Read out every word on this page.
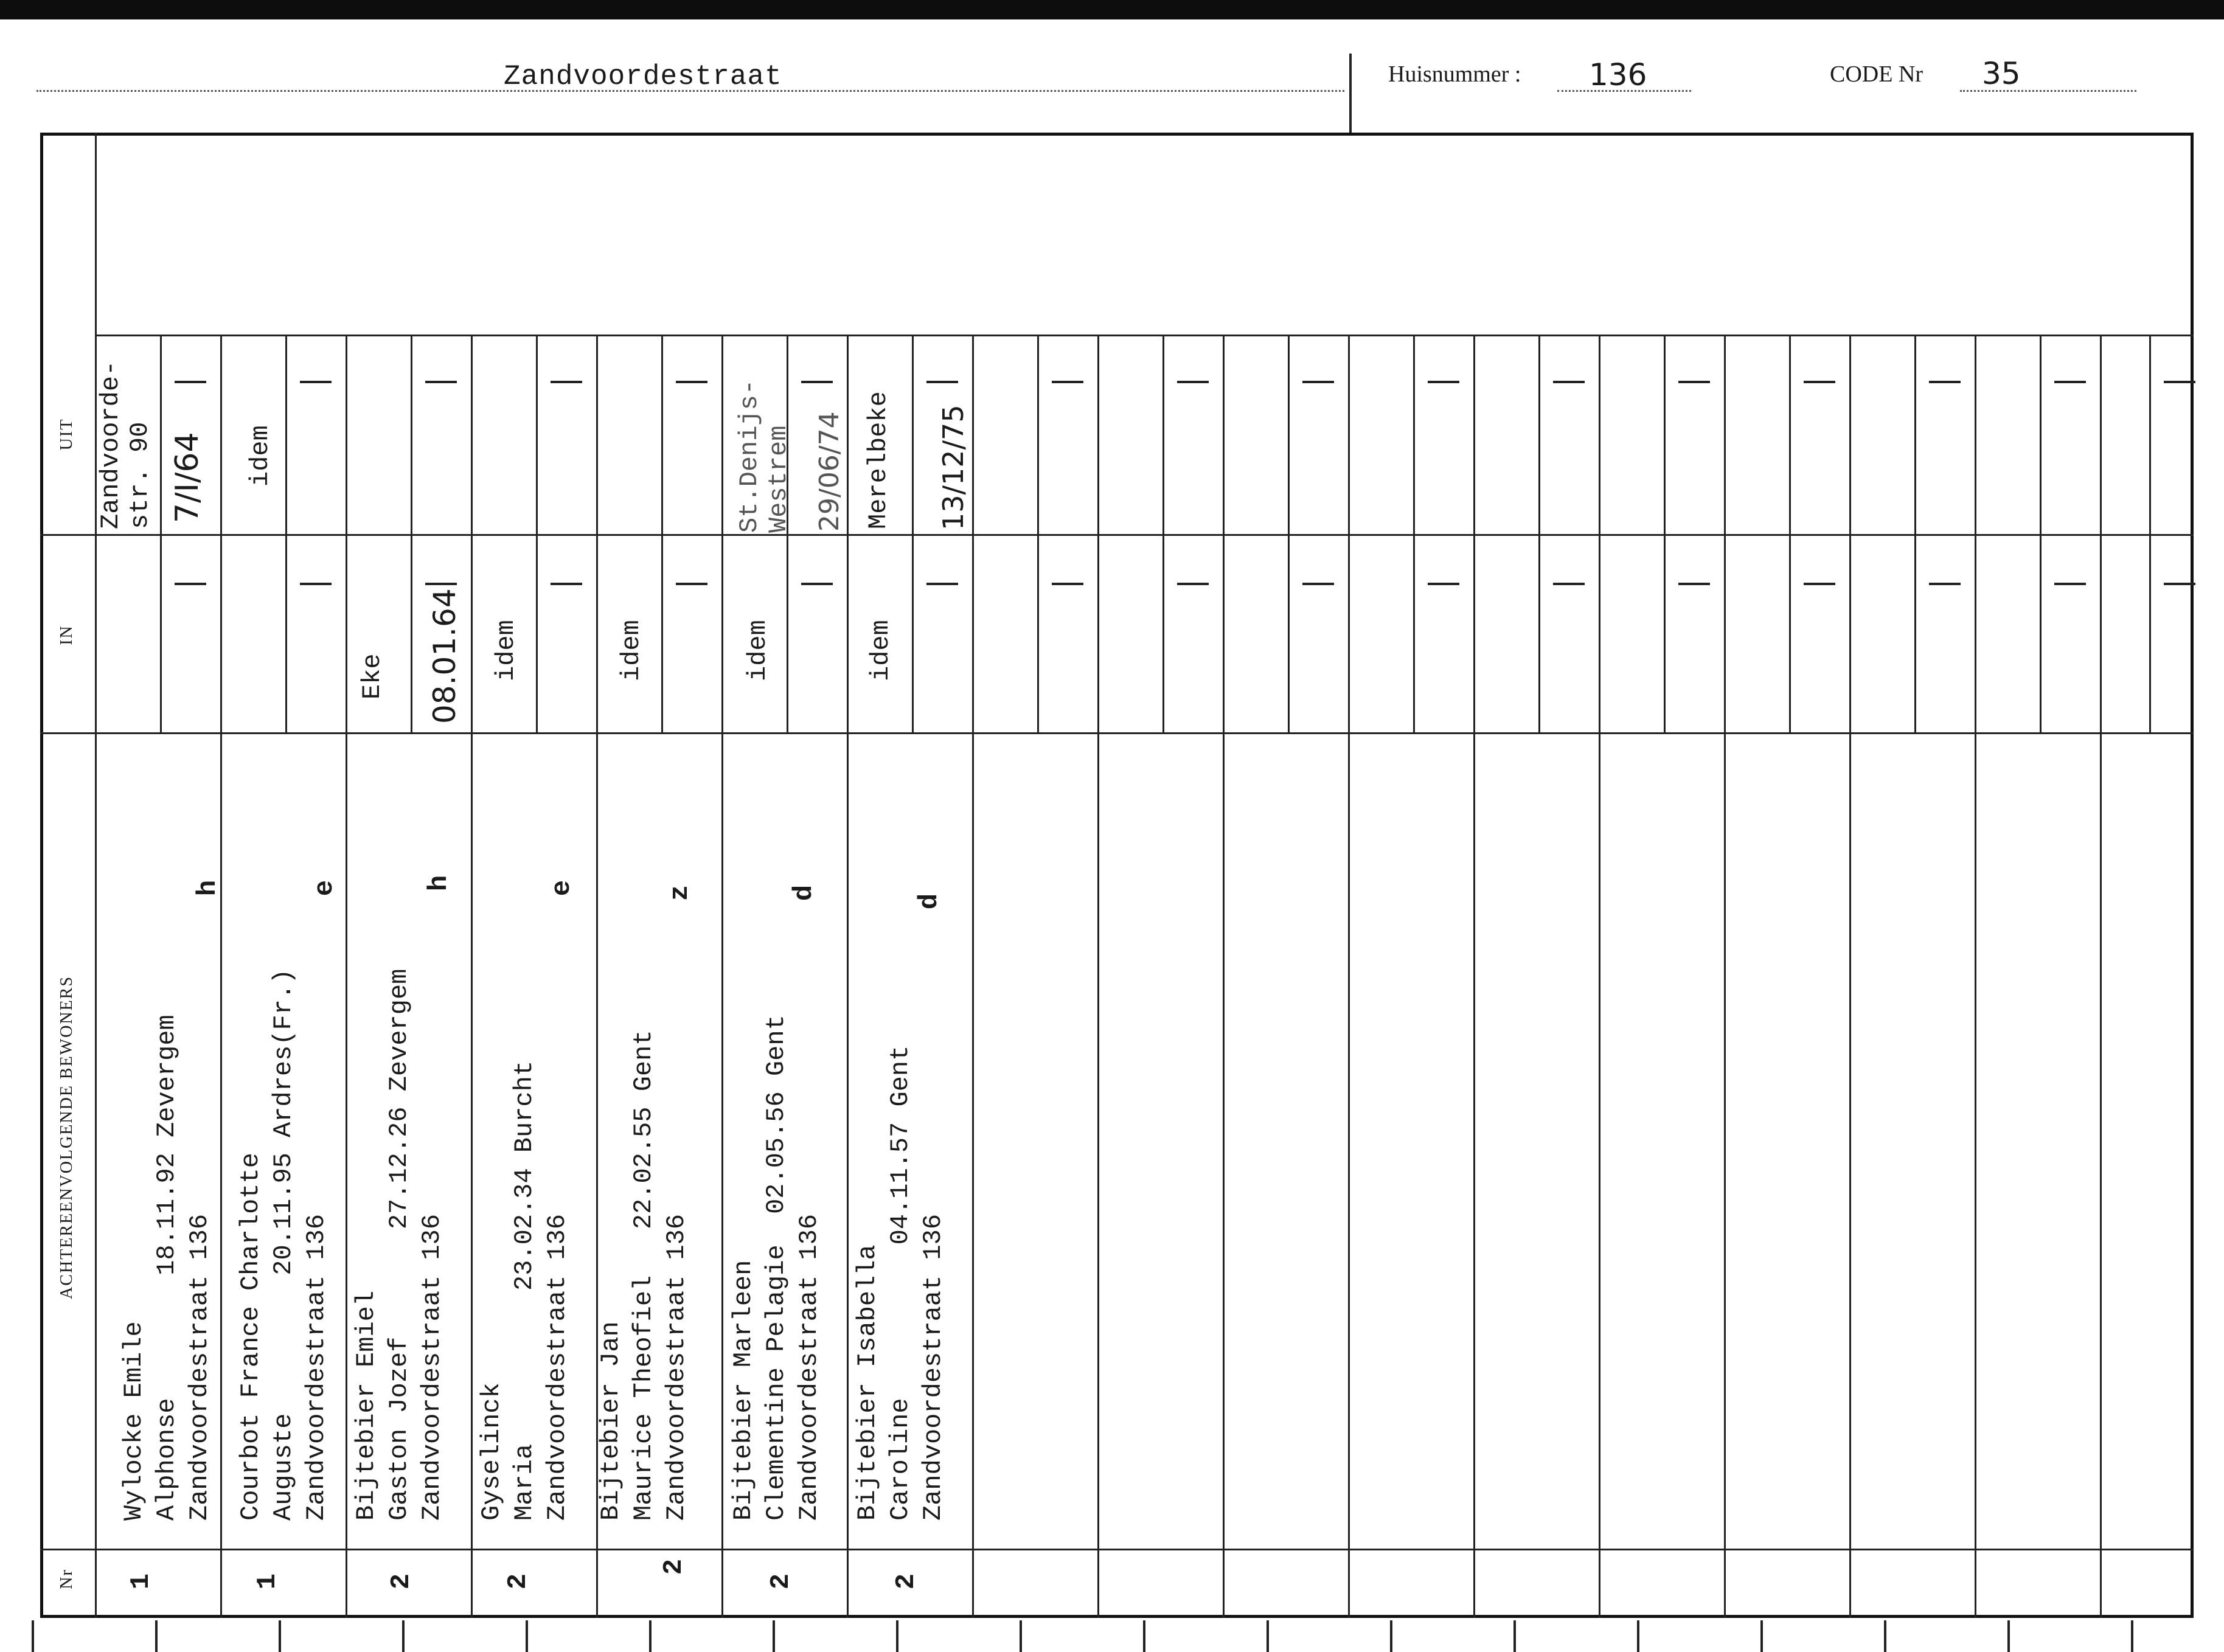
Zandvoordestraat	Huisnummer : 136	CODE Nr 35
Nr
ACHTEREENVOLGENDE BEWONERS
IN
UIT
1
Wylocke Emile Alphonse        18.11.92 Zevergem Zandvoordestraat 136
h
Zandvoorde-
str. 90 7/I/64
1
Courbot France Charlotte Auguste         20.11.95 Ardres(Fr.) Zandvoordestraat 136
e
idem
2
Bijtebier Emiel Gaston Jozef       27.12.26 Zevergem Zandvoordestraat 136
h
Eke 08.01.64
2
Gyselinck Maria          23.02.34 Burcht Zandvoordestraat 136
e
idem
2
Bijtebier Jan Maurice Theofiel   22.02.55 Gent Zandvoordestraat 136
z
idem
2
Bijtebier Marleen Clementine Pelagie  02.05.56 Gent Zandvoordestraat 136
d
idem
St.Denijs-
Westrem 29/06/74
2
Bijtebier Isabella Caroline          04.11.57 Gent Zandvoordestraat 136
d
idem
Merelbeke 13/12/75
